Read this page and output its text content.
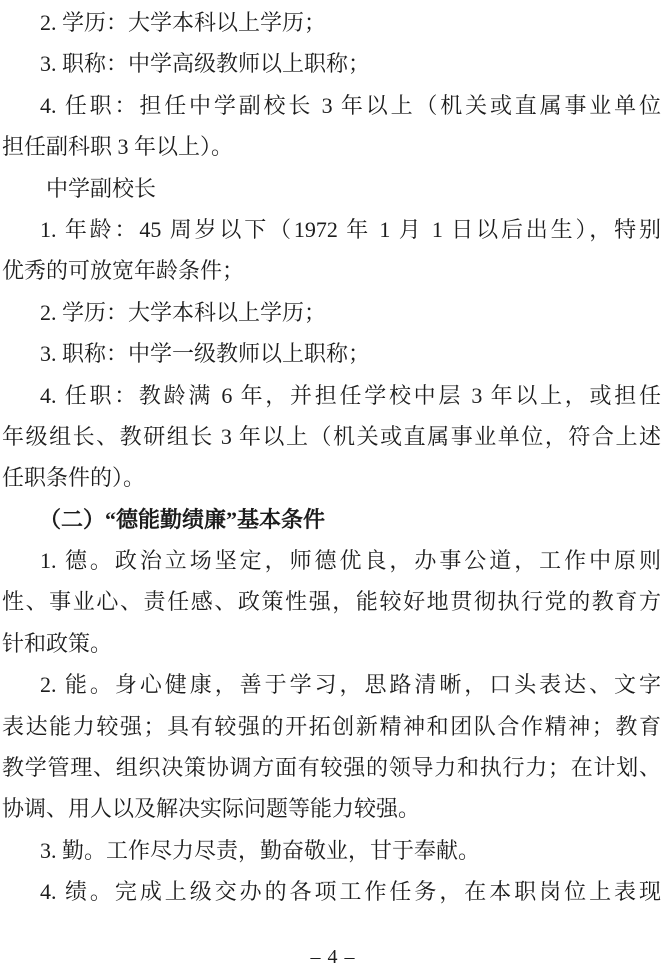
2. 学历：大学本科以上学历；
3. 职称：中学高级教师以上职称；
4. 任职：担任中学副校长 3 年以上（机关或直属事业单位
担任副科职 3 年以上）。
中学副校长
1. 年龄：45 周岁以下（1972 年 1 月 1 日以后出生），特别
优秀的可放宽年龄条件；
2. 学历：大学本科以上学历；
3. 职称：中学一级教师以上职称；
4. 任职：教龄满 6 年，并担任学校中层 3 年以上，或担任
年级组长、教研组长 3 年以上（机关或直属事业单位，符合上述
任职条件的）。
（二）“德能勤绩廉”基本条件
1. 德。政治立场坚定，师德优良，办事公道，工作中原则
性、事业心、责任感、政策性强，能较好地贯彻执行党的教育方
针和政策。
2. 能。身心健康，善于学习，思路清晰，口头表达、文字
表达能力较强；具有较强的开拓创新精神和团队合作精神；教育
教学管理、组织决策协调方面有较强的领导力和执行力；在计划、
协调、用人以及解决实际问题等能力较强。
3. 勤。工作尽力尽责，勤奋敬业，甘于奉献。
4. 绩。完成上级交办的各项工作任务，在本职岗位上表现
– 4 –
